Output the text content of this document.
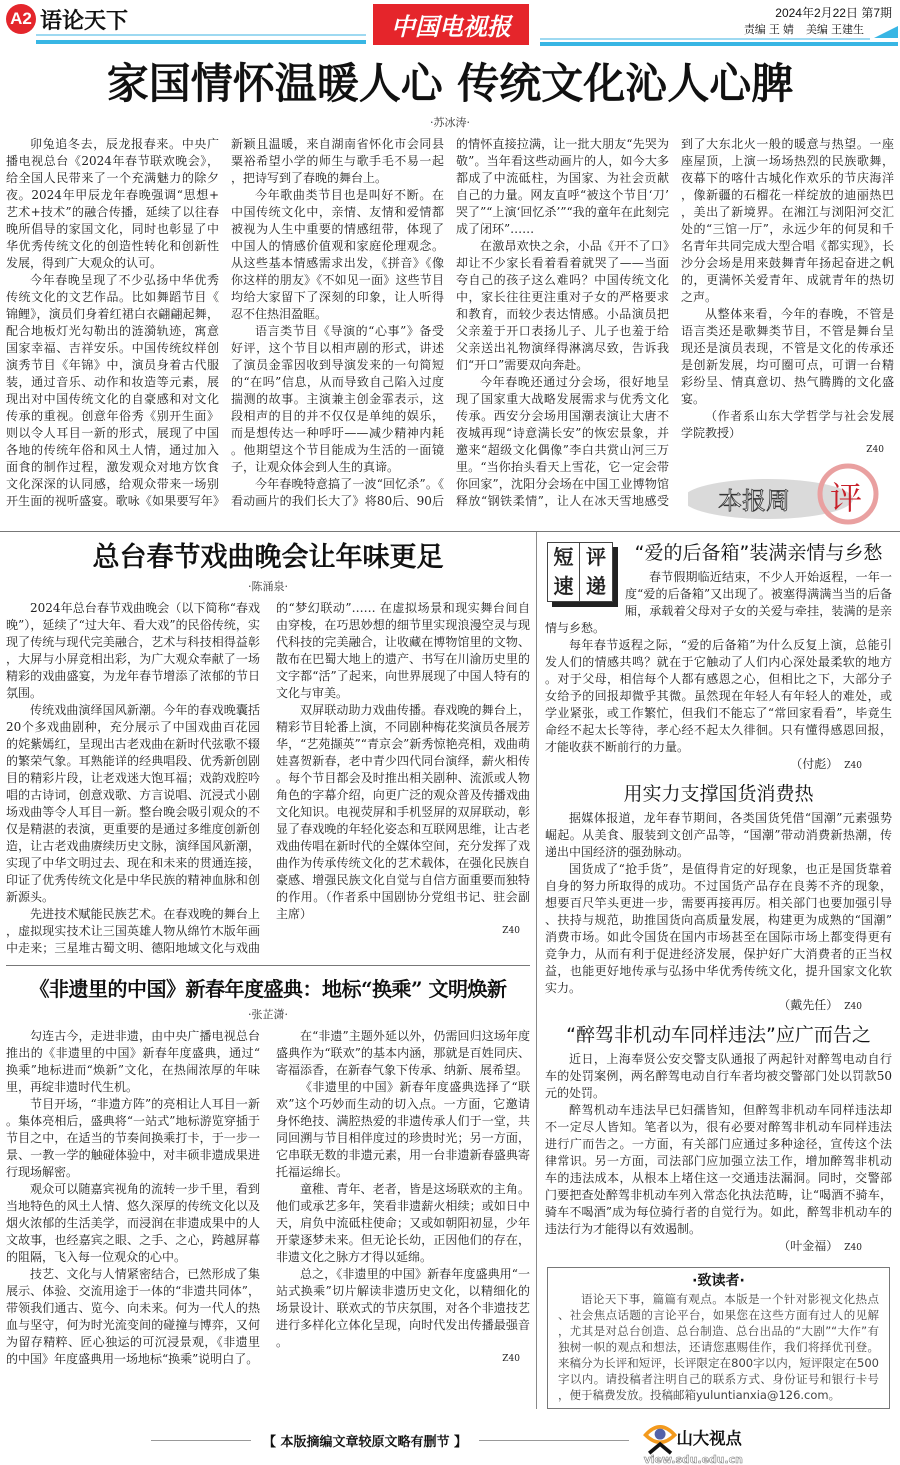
A2 语论天下	中国电视报	2024年2月22日 第7期
责编 王 婧 美编 王建生
家国情怀温暖人心 传统文化沁人心脾
·苏冰涛·

卯兔追冬去，辰龙报春来。中央广播电视总台《2024年春节联欢晚会》，给全国人民带来了一个充满魅力的除夕夜。2024年甲辰龙年春晚强调“思想+艺术+技术”的融合传播，延续了以往春晚所倡导的家国文化，同时也彰显了中华优秀传统文化的创造性转化和创新性发展，得到广大观众的认可。

今年春晚呈现了不少弘扬中华优秀传统文化的文艺作品。比如舞蹈节目《锦鲤》，演员们身着红裙白衣翩翩起舞，配合地板灯光勾勒出的涟漪轨迹，寓意国家幸福、吉祥安乐。中国传统纹样创演秀节目《年锦》中，演员身着古代服装，通过音乐、动作和妆造等元素，展现出对中国传统文化的自豪感和对文化传承的重视。创意年俗秀《别开生面》则以令人耳目一新的形式，展现了中国各地的传统年俗和风土人情，通过加入面食的制作过程，激发观众对地方饮食文化深深的认同感，给观众带来一场别开生面的视听盛宴。歌咏《如果要写年》新颖且温暖，来自湖南省怀化市会同县粟裕希望小学的师生与歌手毛不易一起，把诗写到了春晚的舞台上。

今年歌曲类节目也是叫好不断。在中国传统文化中，亲情、友情和爱情都被视为人生中重要的情感纽带，体现了中国人的情感价值观和家庭伦理观念。从这些基本情感需求出发，《拼音》《像你这样的朋友》《不如见一面》这些节目均给大家留下了深刻的印象，让人听得忍不住热泪盈眶。

语言类节目《导演的“心事”》备受好评，这个节目以相声剧的形式，讲述了演员金霏因收到导演发来的一句简短的“在吗”信息，从而导致自己陷入过度揣测的故事。主演兼主创金霏表示，这段相声的目的并不仅仅是单纯的娱乐，而是想传达一种呼吁——减少精神内耗。他期望这个节目能成为生活的一面镜子，让观众体会到人生的真谛。

今年春晚特意搞了一波“回忆杀”。《看动画片的我们长大了》将80后、90后的情怀直接拉满，让一批大朋友“先哭为敬”。当年看这些动画片的人，如今大多都成了中流砥柱，为国家、为社会贡献自己的力量。网友直呼“被这个节目‘刀’哭了”“上演‘回忆杀’”“我的童年在此刻完成了闭环”……

在激昂欢快之余，小品《开不了口》却让不少家长看着看着就哭了——当面夸自己的孩子这么难吗？中国传统文化中，家长往往更注重对子女的严格要求和教育，而较少表达情感。小品演员把父亲羞于开口表扬儿子、儿子也羞于给父亲送出礼物演绎得淋漓尽致，告诉我们“开口”需要双向奔赴。

今年春晚还通过分会场，很好地呈现了国家重大战略发展需求与优秀文化传承。西安分会场用国潮表演让大唐不夜城再现“诗意满长安”的恢宏景象，并邀来“超级文化偶像”李白共赏山河三万里。“当你抬头看天上雪花，它一定会带你回家”，沈阳分会场在中国工业博物馆释放“钢铁柔情”，让人在冰天雪地感受到了大东北火一般的暖意与热望。一座座屋顶，上演一场场热烈的民族歌舞，夜幕下的喀什古城化作欢乐的节庆海洋，像新疆的石榴花一样绽放的迪丽热巴，美出了新境界。在湘江与浏阳河交汇处的“三馆一厅”，永远少年的何炅和千名青年共同完成大型合唱《都实现》，长沙分会场是用来鼓舞青年扬起奋进之帆的，更满怀关爱青年、成就青年的热切之声。

从整体来看，今年的春晚，不管是语言类还是歌舞类节目，不管是舞台呈现还是演员表现，不管是文化的传承还是创新发展，均可圈可点，可谓一台精彩纷呈、情真意切、热气腾腾的文化盛宴。

（作者系山东大学哲学与社会发展学院教授）

Z40
本报周 评
总台春节戏曲晚会让年味更足
·陈涌泉·

2024年总台春节戏曲晚会（以下简称“春戏晚”），延续了“过大年、看大戏”的民俗传统，实现了传统与现代完美融合，艺术与科技相得益彰，大屏与小屏竞相出彩，为广大观众奉献了一场精彩的戏曲盛宴，为龙年春节增添了浓郁的节日氛围。

传统戏曲演绎国风新潮。今年的春戏晚囊括20个多戏曲剧种，充分展示了中国戏曲百花园的姹紫嫣红，呈现出古老戏曲在新时代弦歌不辍的繁荣气象。耳熟能详的经典唱段、优秀新创剧目的精彩片段，让老戏迷大饱耳福；戏韵戏腔吟唱的古诗词，创意戏歌、方言说唱、沉浸式小剧场戏曲等令人耳目一新。整台晚会吸引观众的不仅是精湛的表演，更重要的是通过多维度创新创造，让古老戏曲赓续历史文脉，演绎国风新潮，实现了中华文明过去、现在和未来的贯通连接，印证了优秀传统文化是中华民族的精神血脉和创新源头。

先进技术赋能民族艺术。在春戏晚的舞台上，虚拟现实技术让三国英雄人物从绵竹木版年画中走来；三星堆古蜀文明、德阳地域文化与戏曲的“梦幻联动”…… 在虚拟场景和现实舞台间自由穿梭，在巧思妙想的细节里实现浪漫空灵与现代科技的完美融合，让收藏在博物馆里的文物、散布在巴蜀大地上的遗产、书写在川渝历史里的文字都“活”了起来，向世界展现了中国人特有的文化与审美。

双屏联动助力戏曲传播。春戏晚的舞台上，精彩节目轮番上演，不同剧种梅花奖演员各展芳华，“艺苑撷英”“青京会”新秀惊艳亮相，戏曲萌娃喜贺新春，老中青少四代同台演绎，薪火相传。每个节目都会及时推出相关剧种、流派或人物角色的字幕介绍，向更广泛的观众普及传播戏曲文化知识。电视荧屏和手机竖屏的双屏联动，彰显了春戏晚的年轻化姿态和互联网思维，让古老戏曲传唱在新时代的全媒体空间，充分发挥了戏曲作为传承传统文化的艺术载体，在强化民族自豪感、增强民族文化自觉与自信方面重要而独特的作用。（作者系中国剧协分党组书记、驻会副主席）

Z40
《非遗里的中国》新春年度盛典：地标“换乘” 文明焕新
·张芷潇·

勾连古今，走进非遗，由中央广播电视总台推出的《非遗里的中国》新春年度盛典，通过“换乘”地标进而“焕新”文化，在热闹浓厚的年味里，再绽非遗时代生机。

节目开场，“非遗方阵”的亮相让人耳目一新。集体亮相后，盛典将“一站式”地标游览穿插于节目之中，在适当的节奏间换乘打卡，于一步一景、一教一学的触碰体验中，对丰硕非遗成果进行现场解密。

观众可以随嘉宾视角的流转一步千里，看到当地特色的风土人情、悠久深厚的传统文化以及烟火浓郁的生活美学，而浸润在非遗成果中的人文故事，也经嘉宾之眼、之手、之心，跨越屏幕的阻隔，飞入每一位观众的心中。

技艺、文化与人情紧密结合，已然形成了集展示、体验、交流用途于一体的“非遗共同体”，带领我们通古、览今、向未来。何为一代人的热血与坚守，何为时光流变间的碰撞与博弈，又何为留存精粹、匠心独运的可沉浸景观，《非遗里的中国》年度盛典用一场地标“换乘”说明白了。

在“非遗”主题外延以外，仍需回归这场年度盛典作为“联欢”的基本内涵，那就是百姓同庆、寄福添香，在新春气象下传承、纳新、展希望。

《非遗里的中国》新春年度盛典选择了“联欢”这个巧妙而生动的切入点。一方面，它邀请身怀绝技、满腔热爱的非遗传承人们于一堂，共同回溯与节目相伴度过的珍贵时光；另一方面，它串联无数的非遗元素，用一台非遗新春盛典寄托福运绵长。

童稚、青年、老者，皆是这场联欢的主角。他们或承艺多年，笑看非遗薪火相续；或如日中天，肩负中流砥柱使命；又或如朝阳初显，少年开蒙逐梦未来。但无论长幼，正因他们的存在，非遗文化之脉方才得以延绵。

总之，《非遗里的中国》新春年度盛典用“一站式换乘”切片解读非遗历史文化，以精细化的场景设计、联欢式的节庆氛围，对各个非遗技艺进行多样化立体化呈现，向时代发出传播最强音。

Z40
短 评
速 递
“爱的后备箱”装满亲情与乡愁

春节假期临近结束，不少人开始返程，一年一度“爱的后备箱”又出现了。被塞得满满当当的后备厢，承载着父母对子女的关爱与牵挂，装满的是亲情与乡愁。

每年春节返程之际，“爱的后备箱”为什么反复上演，总能引发人们的情感共鸣？就在于它触动了人们内心深处最柔软的地方。对于父母，相信每个人都有感恩之心，但相比之下，大部分子女给予的回报却微乎其微。虽然现在年轻人有年轻人的难处，或学业紧张，或工作繁忙，但我们不能忘了“常回家看看”，毕竟生命经不起太长等待，孝心经不起太久徘徊。只有懂得感恩回报，才能收获不断前行的力量。

（付彪） Z40
用实力支撑国货消费热

据媒体报道，龙年春节期间，各类国货凭借“国潮”元素强势崛起。从美食、服装到文创产品等，“国潮”带动消费新热潮，传递出中国经济的强劲脉动。

国货成了“抢手货”，是值得肯定的好现象，也正是国货靠着自身的努力所取得的成功。不过国货产品存在良莠不齐的现象，想要百尺竿头更进一步，需要再接再厉。相关部门也要加强引导、扶持与规范，助推国货向高质量发展，构建更为成熟的“国潮”消费市场。如此令国货在国内市场甚至在国际市场上都变得更有竞争力，从而有利于促进经济发展，保护好广大消费者的正当权益，也能更好地传承与弘扬中华优秀传统文化，提升国家文化软实力。

（戴先任） Z40
“醉驾非机动车同样违法”应广而告之

近日，上海奉贤公安交警支队通报了两起针对醉驾电动自行车的处罚案例，两名醉驾电动自行车者均被交警部门处以罚款50元的处罚。

醉驾机动车违法早已妇孺皆知，但醉驾非机动车同样违法却不一定尽人皆知。笔者以为，很有必要对醉驾非机动车同样违法进行广而告之。一方面，有关部门应通过多种途径，宣传这个法律常识。另一方面，司法部门应加强立法工作，增加醉驾非机动车的违法成本，从根本上堵住这一交通违法漏洞。同时，交警部门要把查处醉驾非机动车列入常态化执法范畴，让“喝酒不骑车，骑车不喝酒”成为每位骑行者的自觉行为。如此，醉驾非机动车的违法行为才能得以有效遏制。

（叶金福） Z40
·致读者·

语论天下事，篇篇有观点。本版是一个针对影视文化热点、社会焦点话题的言论平台，如果您在这些方面有过人的见解，尤其是对总台创造、总台制造、总台出品的“大剧”“大作”有独树一帜的观点和想法，还请您惠赐佳作，我们将择优刊登。来稿分为长评和短评，长评限定在800字以内，短评限定在500字以内。请投稿者注明自己的联系方式、身份证号和银行卡号，便于稿费发放。投稿邮箱yuluntianxia@126.com。

【 本版摘编文章较原文略有删节 】	山大视点
view.sdu.edu.cn
